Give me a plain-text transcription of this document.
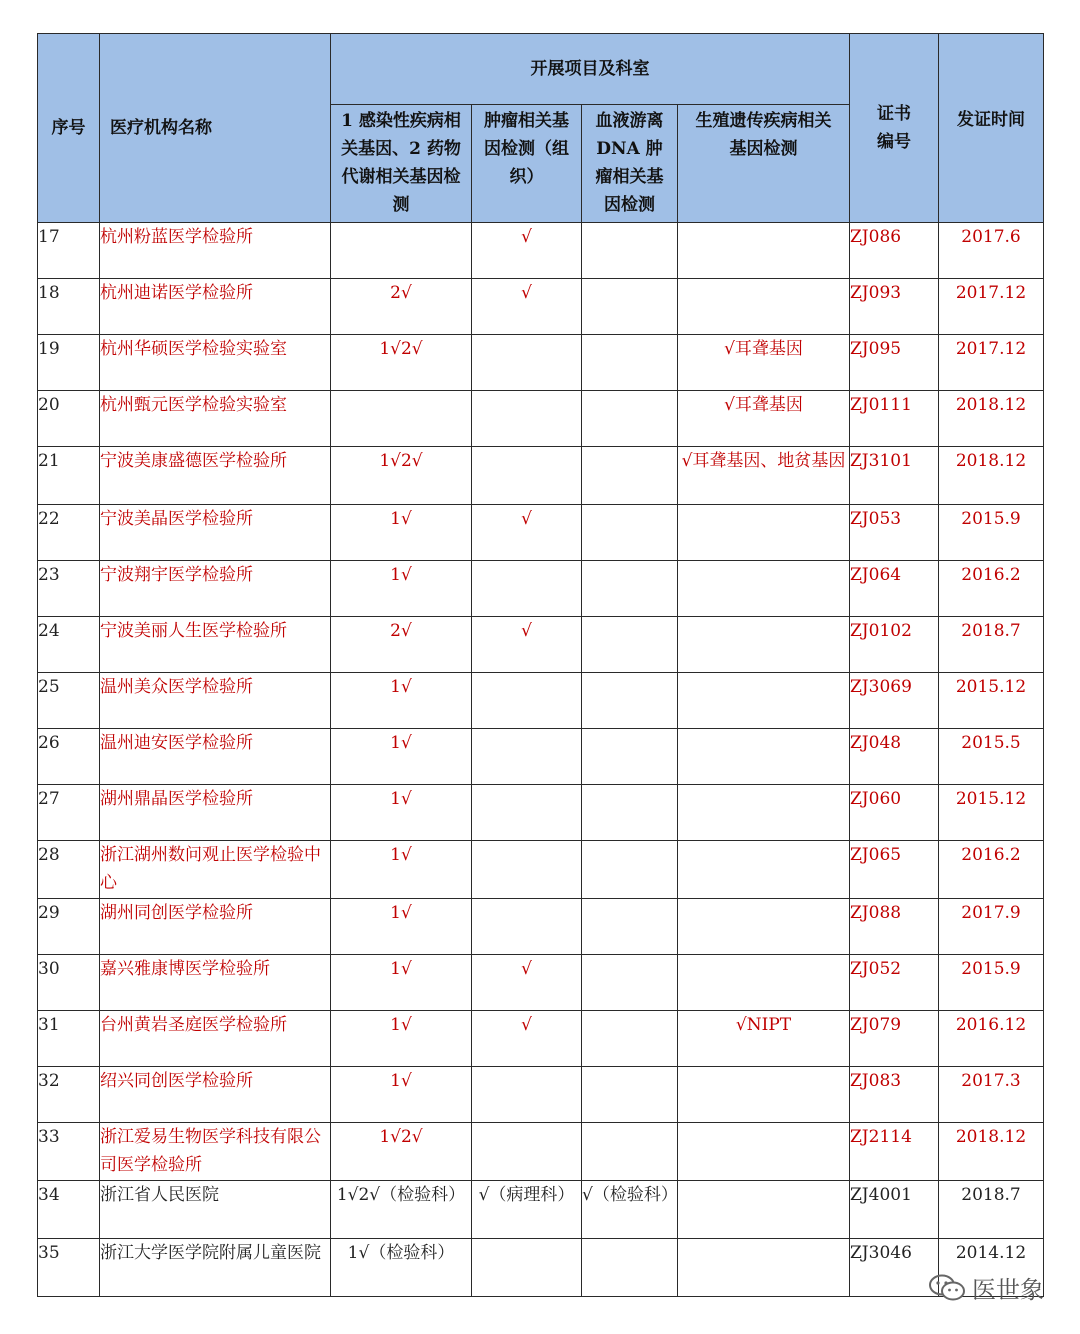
序号	医疗机构名称	开展项目及科室				证书编号	发证时间
		1 感染性疾病相关基因、2 药物代谢相关基因检测	肿瘤相关基因检测（组织）	血液游离 DNA 肿瘤相关基因检测	生殖遗传疾病相关基因检测		
17	杭州粉蓝医学检验所		√			ZJ086	2017.6
18	杭州迪诺医学检验所	2√	√			ZJ093	2017.12
19	杭州华硕医学检验实验室	1√2√			√耳聋基因	ZJ095	2017.12
20	杭州甄元医学检验实验室				√耳聋基因	ZJ0111	2018.12
21	宁波美康盛德医学检验所	1√2√			√耳聋基因、地贫基因	ZJ3101	2018.12
22	宁波美晶医学检验所	1√	√			ZJ053	2015.9
23	宁波翔宇医学检验所	1√				ZJ064	2016.2
24	宁波美丽人生医学检验所	2√	√			ZJ0102	2018.7
25	温州美众医学检验所	1√				ZJ3069	2015.12
26	温州迪安医学检验所	1√				ZJ048	2015.5
27	湖州鼎晶医学检验所	1√				ZJ060	2015.12
28	浙江湖州数问观止医学检验中心	1√				ZJ065	2016.2
29	湖州同创医学检验所	1√				ZJ088	2017.9
30	嘉兴雅康博医学检验所	1√	√			ZJ052	2015.9
31	台州黄岩圣庭医学检验所	1√	√		√NIPT	ZJ079	2016.12
32	绍兴同创医学检验所	1√				ZJ083	2017.3
33	浙江爱易生物医学科技有限公司医学检验所	1√2√				ZJ2114	2018.12
34	浙江省人民医院	1√2√（检验科）	√（病理科）	√（检验科）		ZJ4001	2018.7
35	浙江大学医学院附属儿童医院	1√（检验科）				ZJ3046	2014.12
医世象
